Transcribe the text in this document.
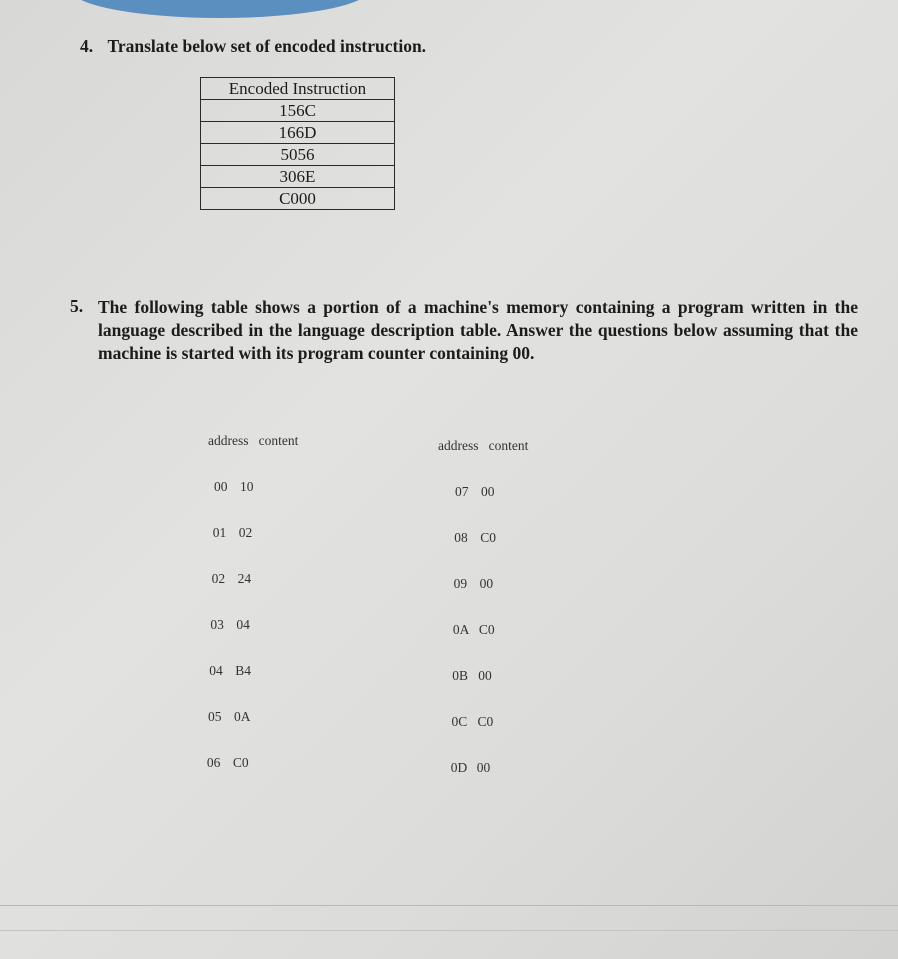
4. Translate below set of encoded instruction.
Encoded Instruction
156C
166D
5056
306E
C000
5. The following table shows a portion of a machine's memory containing a program written in the language described in the language description table. Answer the questions below assuming that the machine is started with its program counter containing 00.
address   content
00 10
01 02
02 24
03 04
04 B4
05 0A
06 C0
address   content
07 00
08 C0
09 00
0A C0
0B 00
0C C0
0D 00
